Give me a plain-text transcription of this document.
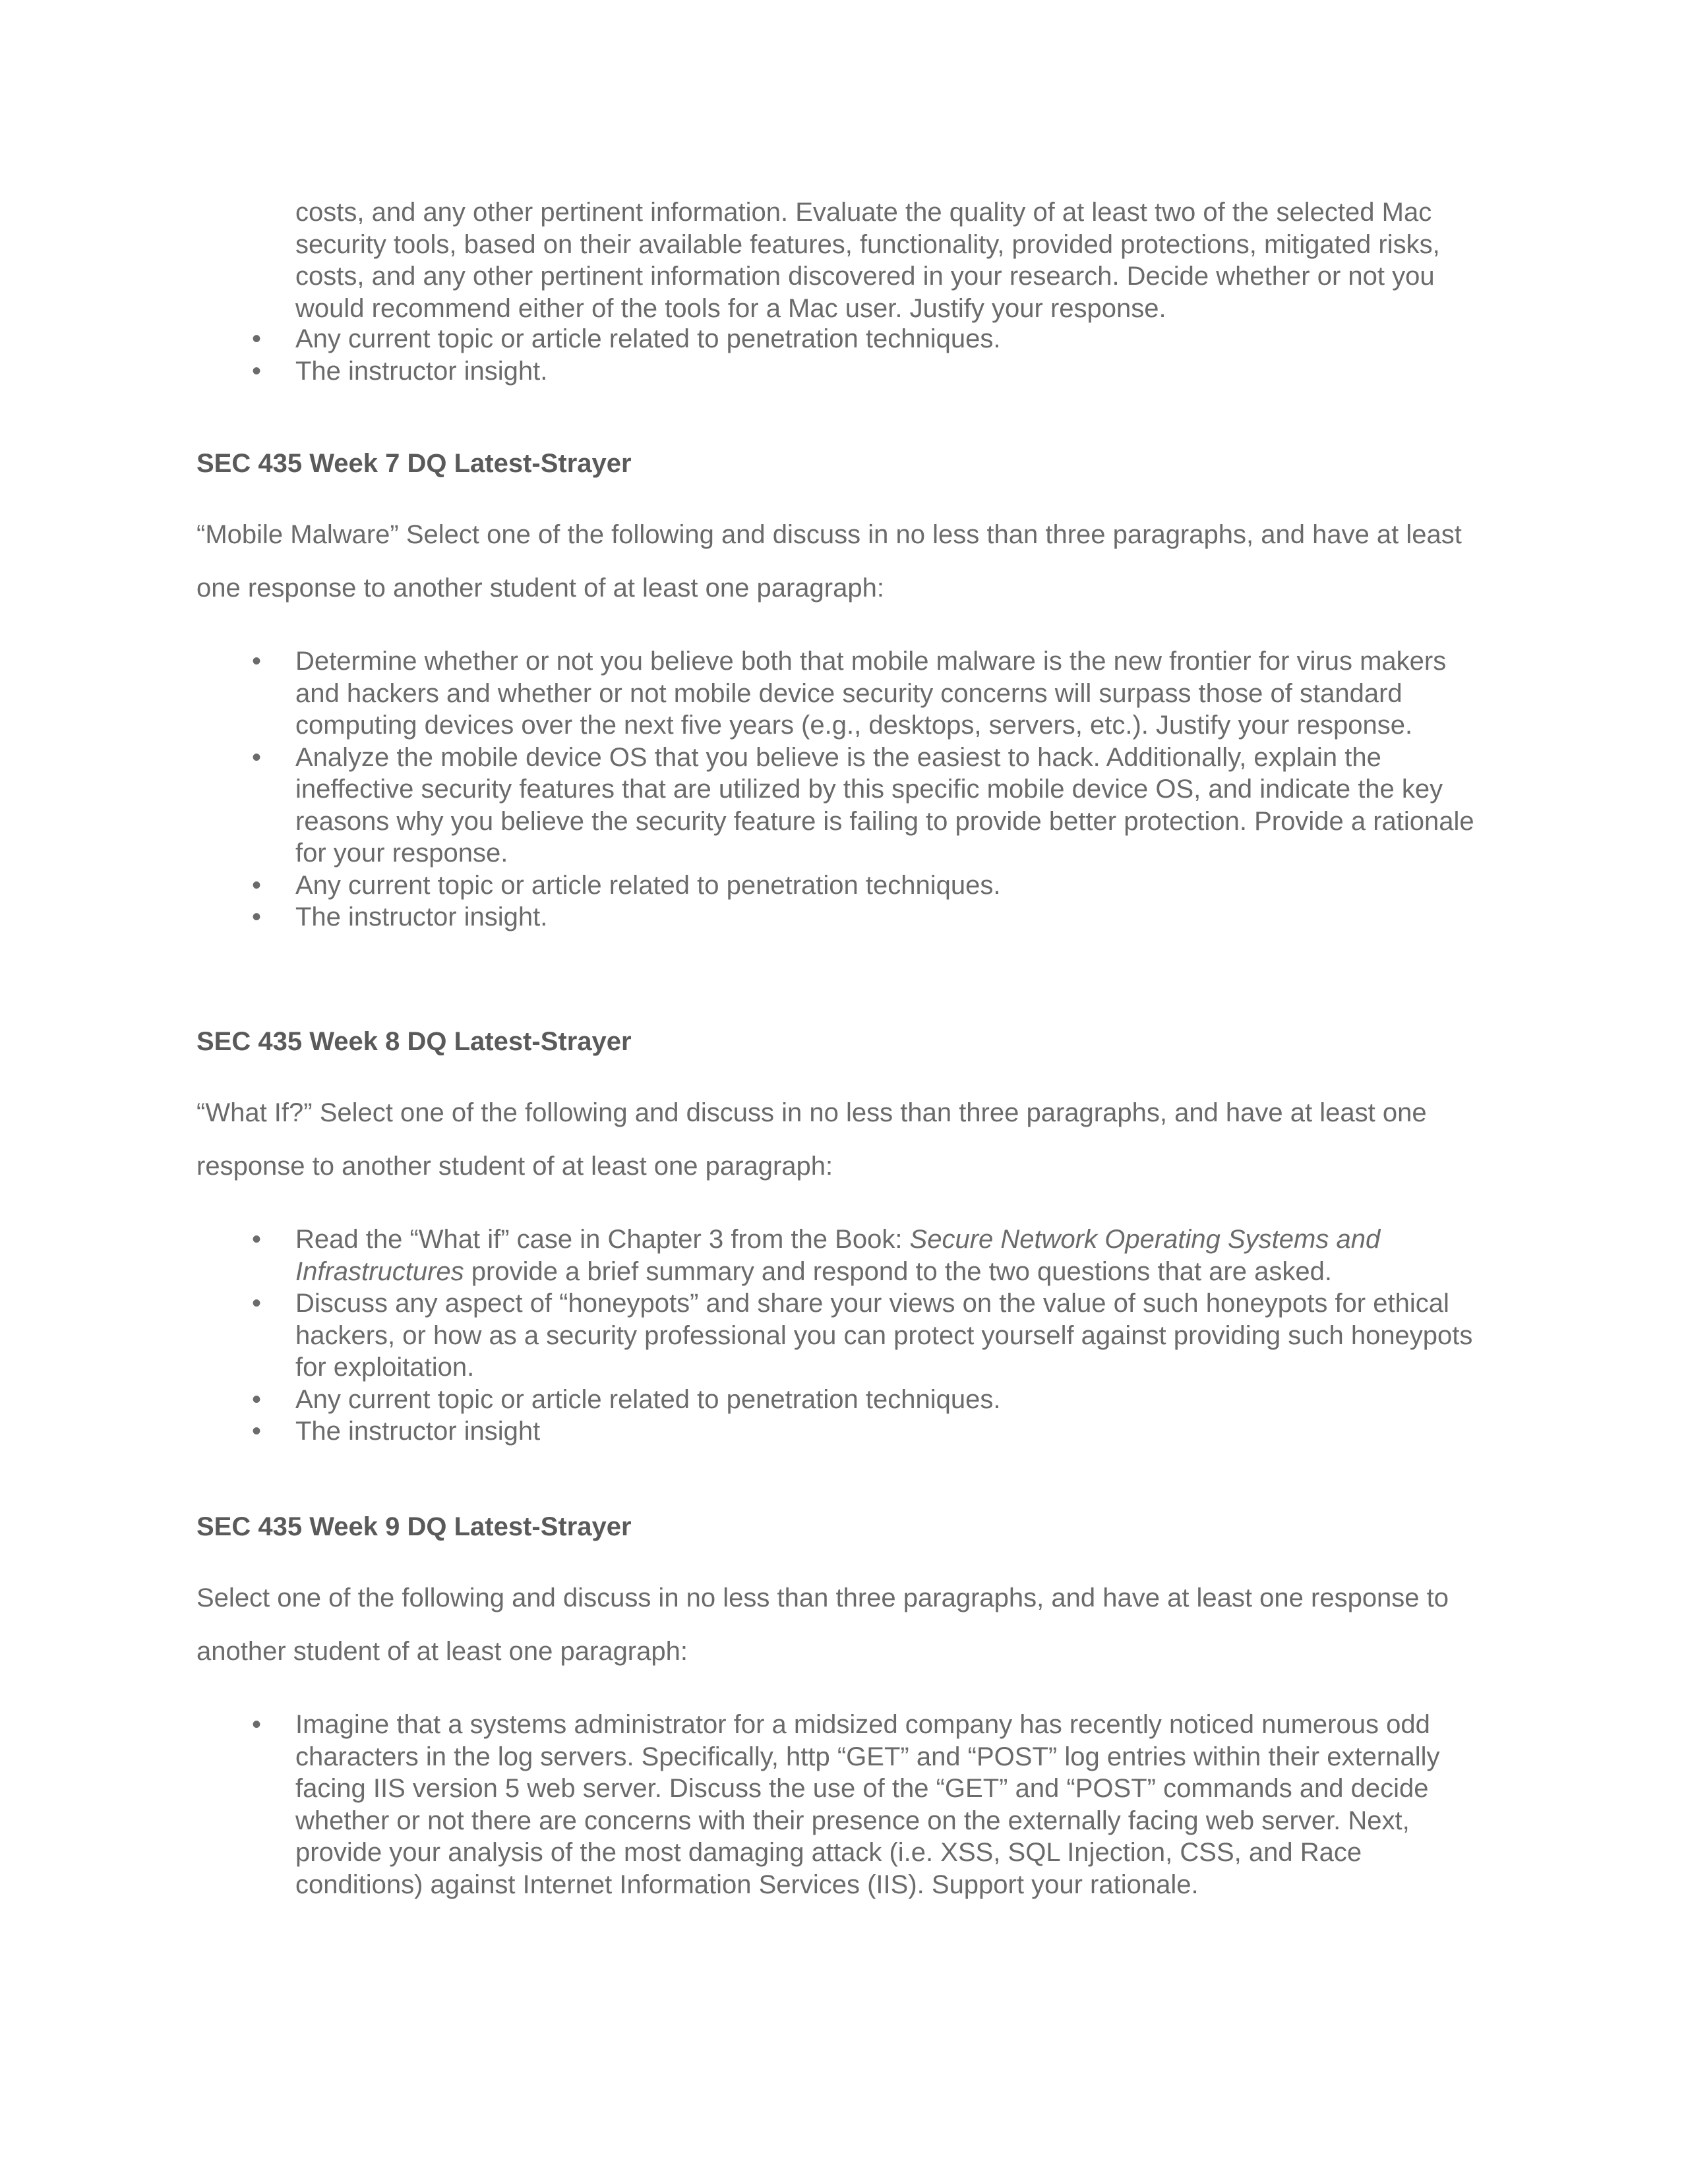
costs, and any other pertinent information. Evaluate the quality of at least two of the selected Mac security tools, based on their available features, functionality, provided protections, mitigated risks, costs, and any other pertinent information discovered in your research. Decide whether or not you would recommend either of the tools for a Mac user. Justify your response.

• Any current topic or article related to penetration techniques.
• The instructor insight.

SEC 435 Week 7 DQ Latest-Strayer

“Mobile Malware” Select one of the following and discuss in no less than three paragraphs, and have at least one response to another student of at least one paragraph:

• Determine whether or not you believe both that mobile malware is the new frontier for virus makers and hackers and whether or not mobile device security concerns will surpass those of standard computing devices over the next five years (e.g., desktops, servers, etc.). Justify your response.
• Analyze the mobile device OS that you believe is the easiest to hack. Additionally, explain the ineffective security features that are utilized by this specific mobile device OS, and indicate the key reasons why you believe the security feature is failing to provide better protection. Provide a rationale for your response.
• Any current topic or article related to penetration techniques.
• The instructor insight.

SEC 435 Week 8 DQ Latest-Strayer

“What If?” Select one of the following and discuss in no less than three paragraphs, and have at least one response to another student of at least one paragraph:

• Read the “What if” case in Chapter 3 from the Book: Secure Network Operating Systems and Infrastructures provide a brief summary and respond to the two questions that are asked.
• Discuss any aspect of “honeypots” and share your views on the value of such honeypots for ethical hackers, or how as a security professional you can protect yourself against providing such honeypots for exploitation.
• Any current topic or article related to penetration techniques.
• The instructor insight

SEC 435 Week 9 DQ Latest-Strayer

Select one of the following and discuss in no less than three paragraphs, and have at least one response to another student of at least one paragraph:

• Imagine that a systems administrator for a midsized company has recently noticed numerous odd characters in the log servers. Specifically, http “GET” and “POST” log entries within their externally facing IIS version 5 web server. Discuss the use of the “GET” and “POST” commands and decide whether or not there are concerns with their presence on the externally facing web server. Next, provide your analysis of the most damaging attack (i.e. XSS, SQL Injection, CSS, and Race conditions) against Internet Information Services (IIS). Support your rationale.
